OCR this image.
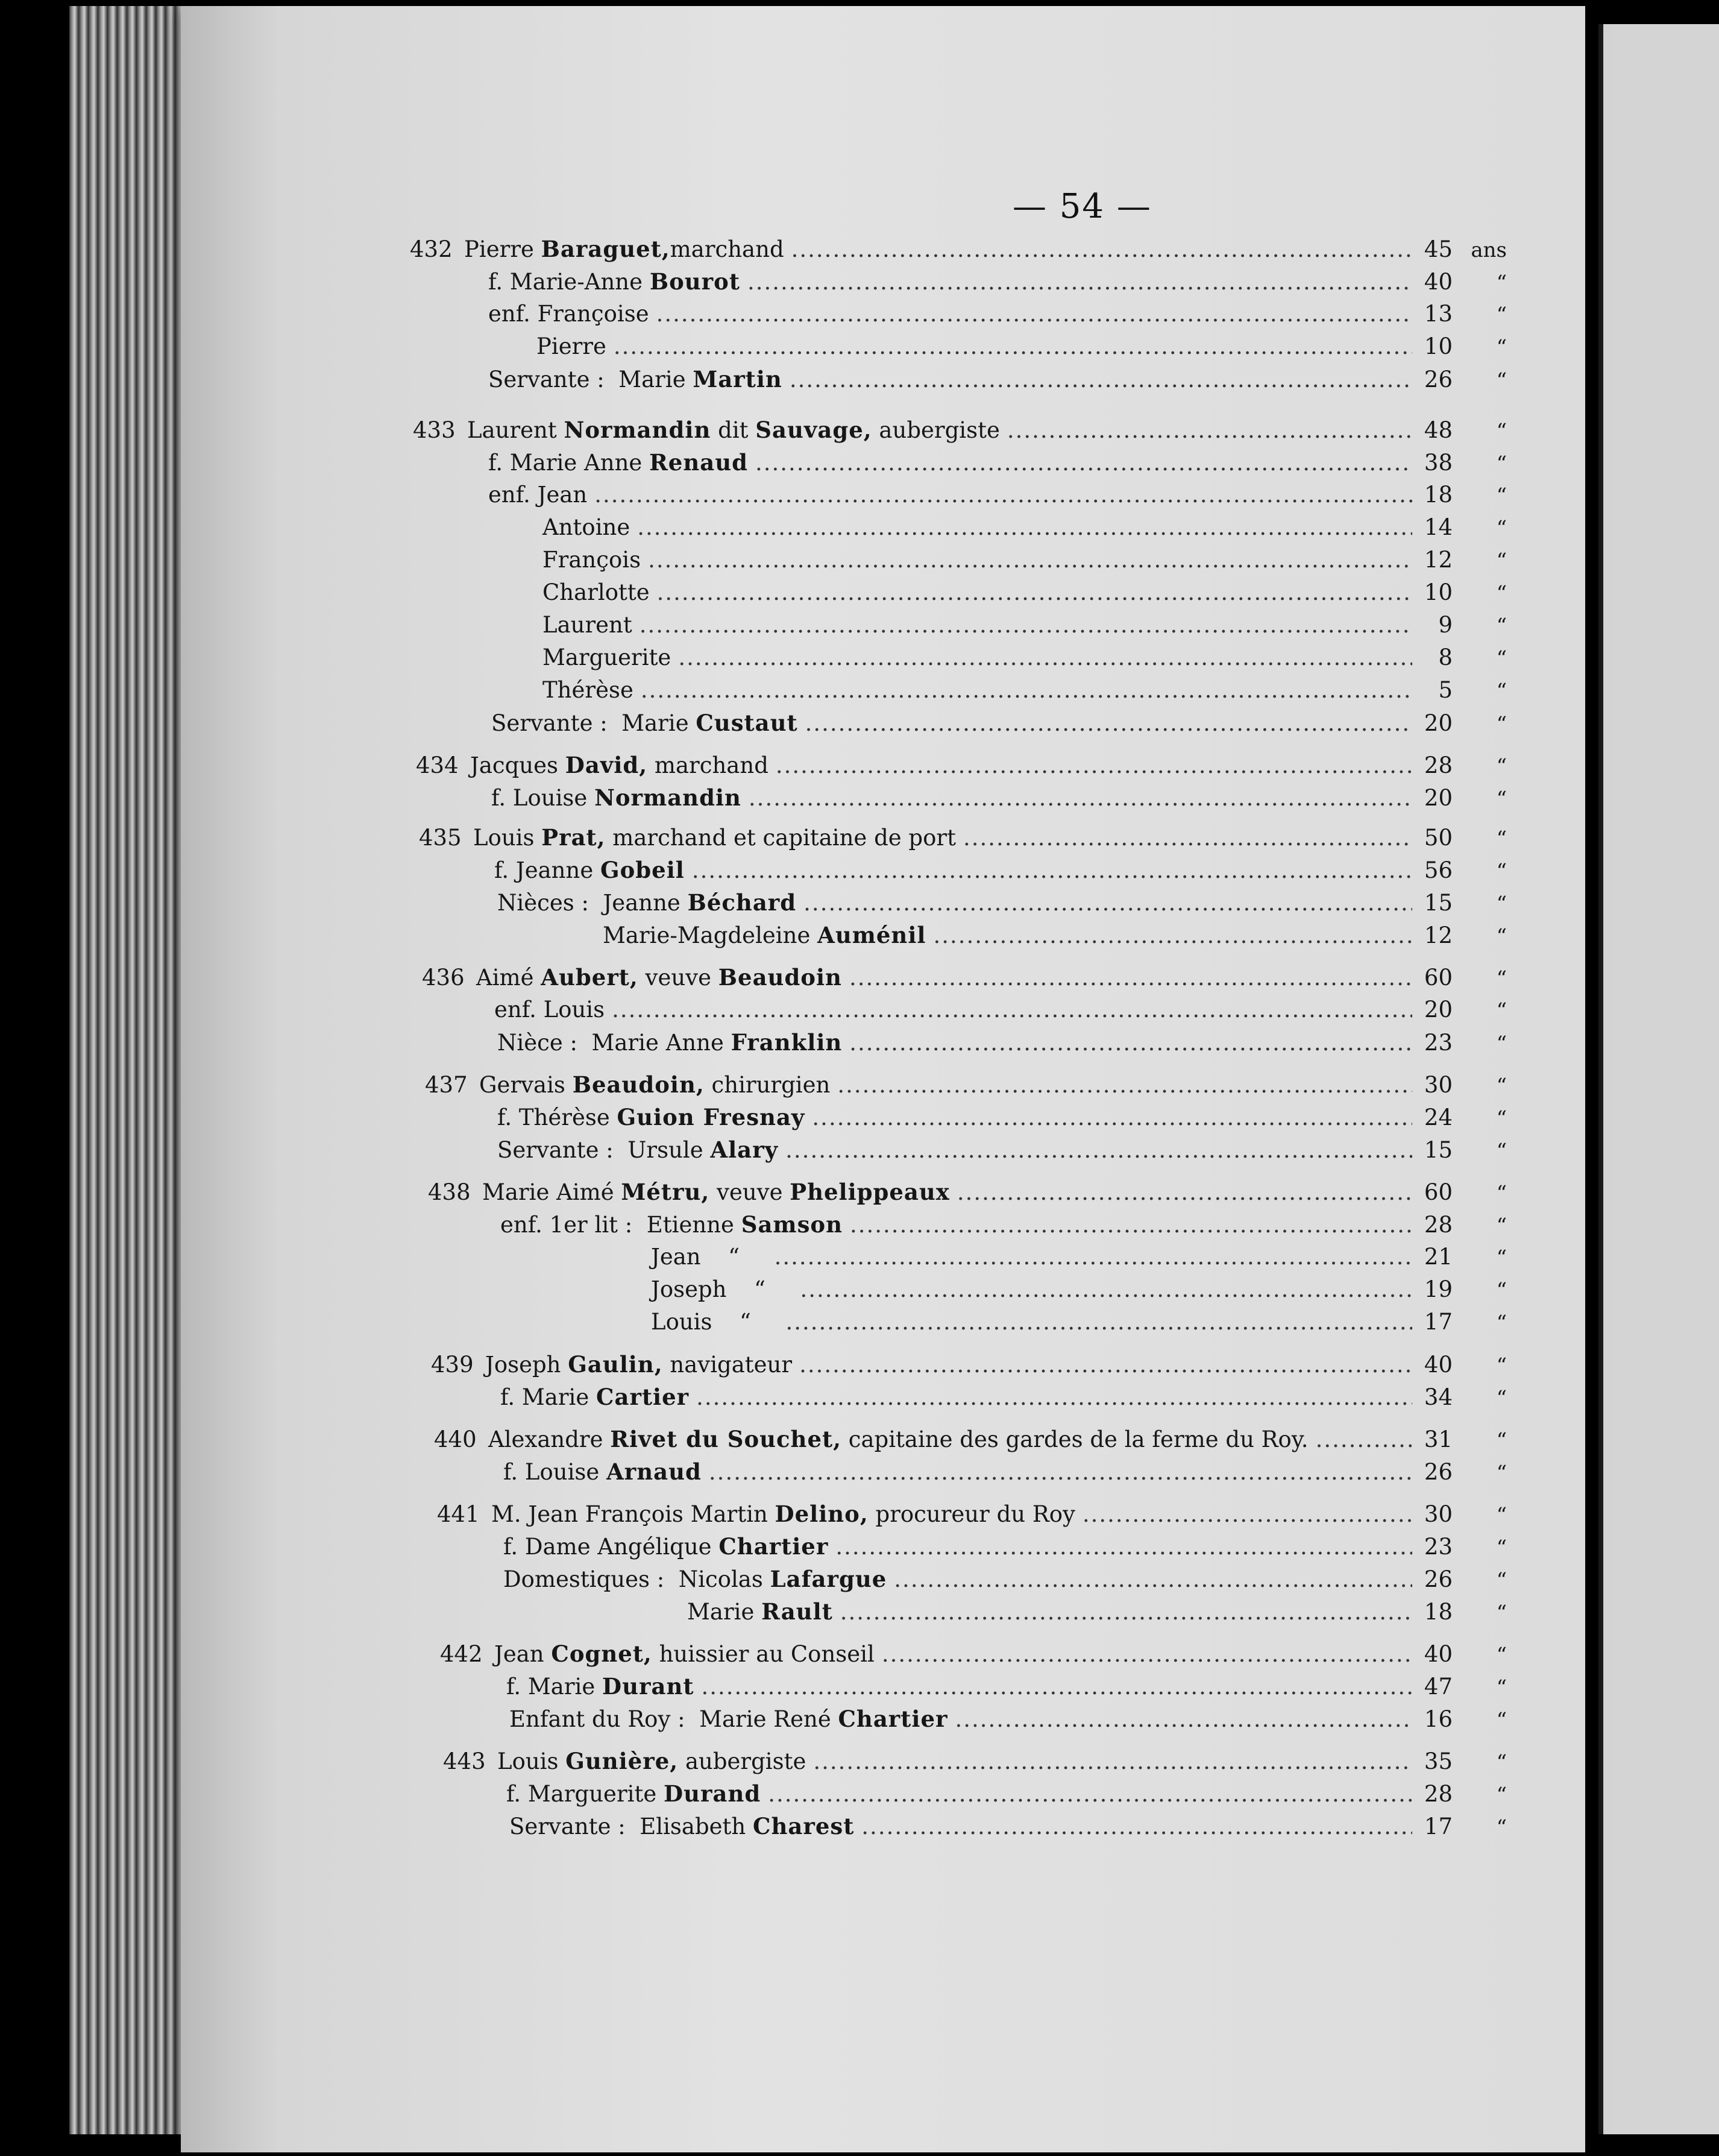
— 54 —
432 Pierre Baraguet,marchand .....	45 ans
f. Marie-Anne Bourot .....	40	“
enf. Françoise .....	13	“
Pierre .....	10	“
Servante :  Marie Martin .....	26	“
433 Laurent Normandin dit Sauvage, aubergiste .....	48	“
f. Marie Anne Renaud .....	38	“
enf. Jean .....	18	“
Antoine .....	14	“
François .....	12	“
Charlotte .....	10	“
Laurent .....	9	“
Marguerite .....	8	“
Thérèse .....	5	“
Servante :  Marie Custaut .....	20	“
434 Jacques David, marchand .....	28	“
f. Louise Normandin .....	20	“
435 Louis Prat, marchand et capitaine de port .....	50	“
f. Jeanne Gobeil .....	56	“
Nièces :  Jeanne Béchard .....	15	“
Marie-Magdeleine Auménil .....	12	“
436 Aimé Aubert, veuve Beaudoin .....	60	“
enf. Louis .....	20	“
Nièce :  Marie Anne Franklin .....	23	“
437 Gervais Beaudoin, chirurgien .....	30	“
f. Thérèse Guion Fresnay .....	24	“
Servante :  Ursule Alary .....	15	“
438 Marie Aimé Métru, veuve Phelippeaux .....	60	“
enf. 1er lit :  Etienne Samson .....	28	“
Jean	“ .....	21	“
Joseph	“ .....	19	“
Louis	“ .....	17	“
439 Joseph Gaulin, navigateur .....	40	“
f. Marie Cartier .....	34	“
440 Alexandre Rivet du Souchet, capitaine des gardes de la ferme du Roy. .....	31	“
f. Louise Arnaud .....	26	“
441 M. Jean François Martin Delino, procureur du Roy .....	30	“
f. Dame Angélique Chartier .....	23	“
Domestiques :  Nicolas Lafargue .....	26	“
Marie Rault .....	18	“
442 Jean Cognet, huissier au Conseil .....	40	“
f. Marie Durant .....	47	“
Enfant du Roy :  Marie René Chartier .....	16	“
443 Louis Gunière, aubergiste .....	35	“
f. Marguerite Durand .....	28	“
Servante :  Elisabeth Charest .....	17	“
